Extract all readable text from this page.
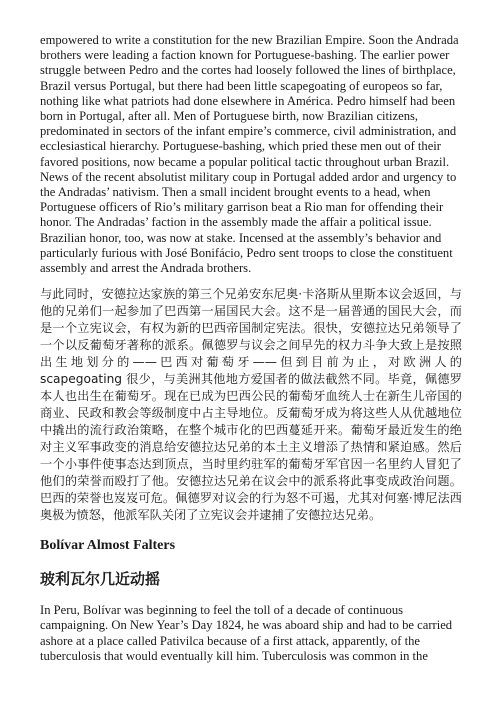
empowered to write a constitution for the new Brazilian Empire. Soon the Andrada brothers were leading a faction known for Portuguese-bashing. The earlier power struggle between Pedro and the cortes had loosely followed the lines of birthplace, Brazil versus Portugal, but there had been little scapegoating of europeos so far, nothing like what patriots had done elsewhere in América. Pedro himself had been born in Portugal, after all. Men of Portuguese birth, now Brazilian citizens, predominated in sectors of the infant empire’s commerce, civil administration, and ecclesiastical hierarchy. Portuguese-bashing, which pried these men out of their favored positions, now became a popular political tactic throughout urban Brazil. News of the recent absolutist military coup in Portugal added ardor and urgency to the Andradas’ nativism. Then a small incident brought events to a head, when Portuguese officers of Rio’s military garrison beat a Rio man for offending their honor. The Andradas’ faction in the assembly made the affair a political issue. Brazilian honor, too, was now at stake. Incensed at the assembly’s behavior and particularly furious with José Bonifácio, Pedro sent troops to close the constituent assembly and arrest the Andrada brothers.

与此同时，安德拉达家族的第三个兄弟安东尼奥·卡洛斯从里斯本议会返回，与他的兄弟们一起参加了巴西第一届国民大会。这不是一届普通的国民大会，而是一个立宪议会，有权为新的巴西帝国制定宪法。很快，安德拉达兄弟领导了一个以反葡萄牙著称的派系。佩德罗与议会之间早先的权力斗争大致上是按照出生地划分的——巴西对葡萄牙——但到目前为止，对欧洲人的scapegoating 很少，与美洲其他地方爱国者的做法截然不同。毕竟，佩德罗本人也出生在葡萄牙。现在已成为巴西公民的葡萄牙血统人士在新生儿帝国的商业、民政和教会等级制度中占主导地位。反葡萄牙成为将这些人从优越地位中撬出的流行政治策略，在整个城市化的巴西蔓延开来。葡萄牙最近发生的绝对主义军事政变的消息给安德拉达兄弟的本土主义增添了热情和紧迫感。然后一个小事件使事态达到顶点，当时里约驻军的葡萄牙军官因一名里约人冒犯了他们的荣誉而殴打了他。安德拉达兄弟在议会中的派系将此事变成政治问题。巴西的荣誉也岌岌可危。佩德罗对议会的行为怒不可遏，尤其对何塞·博尼法西奥极为愤怒，他派军队关闭了立宪议会并逮捕了安德拉达兄弟。

Bolívar Almost Falters
玻利瓦尔几近动摇

In Peru, Bolívar was beginning to feel the toll of a decade of continuous campaigning. On New Year’s Day 1824, he was aboard ship and had to be carried ashore at a place called Pativilca because of a first attack, apparently, of the tuberculosis that would eventually kill him. Tuberculosis was common in the
